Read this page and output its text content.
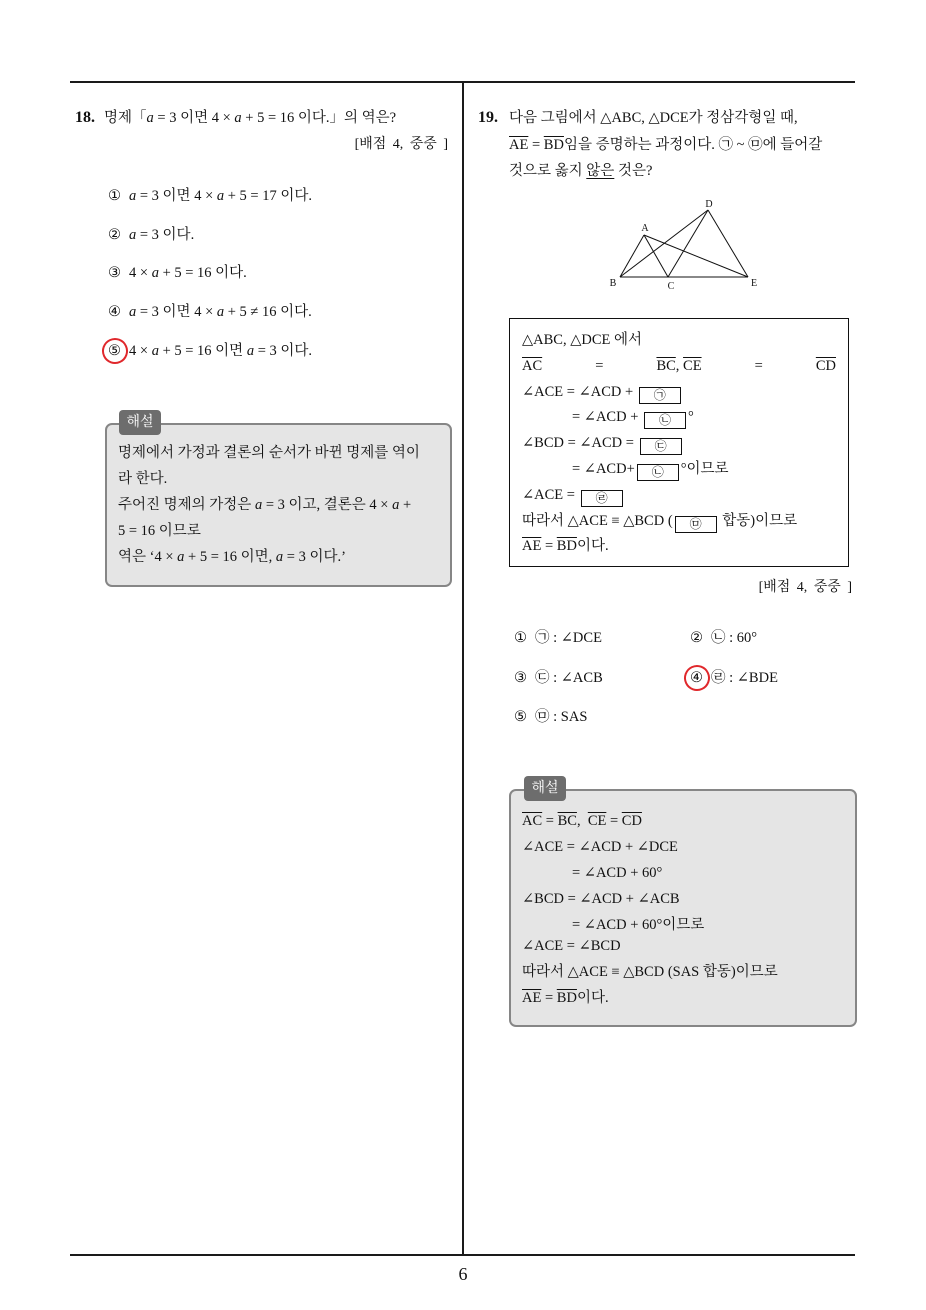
18. 명제「a = 3 이면 4 × a + 5 = 16 이다.」의 역은?
[배점 4, 중중 ]
① a = 3 이면 4 × a + 5 = 17 이다.
② a = 3 이다.
③ 4 × a + 5 = 16 이다.
④ a = 3 이면 4 × a + 5 ≠ 16 이다.
⑤ 4 × a + 5 = 16 이면 a = 3 이다.
해설
명제에서 가정과 결론의 순서가 바뀐 명제를 역이
라 한다.
주어진 명제의 가정은 a = 3 이고, 결론은 4 × a +
5 = 16 이므로
역은 ‘4 × a + 5 = 16 이면, a = 3 이다.’
19. 다음 그림에서 △ABC, △DCE가 정삼각형일 때,
$\overline{AE} = \overline{BD}$임을 증명하는 과정이다. ㉠ ~ ㉤에 들어갈
것으로 옳지 않은 것은?
A
B	C
D
E
△ABC, △DCE 에서
$\overline{AC}$	=	$\overline{BC}$, $\overline{CE}$	=	$\overline{CD}$
∠ACE = ∠ACD + ㉠
= ∠ACD + ㉡ °
∠BCD = ∠ACD = ㉢
= ∠ACD+ ㉡ °이므로
∠ACE = ㉣
따라서 △ACE ≡ △BCD ( ㉤ 합동)이므로
$\overline{AE} = \overline{BD}$이다.
[배점 4, 중중 ]
① ㉠ : ∠DCE	② ㉡ : 60°
③ ㉢ : ∠ACB	④ ㉣ : ∠BDE
⑤ ㉤ : SAS
해설
$\overline{AC} = \overline{BC}$,  $\overline{CE} = \overline{CD}$
∠ACE = ∠ACD + ∠DCE
= ∠ACD + 60°
∠BCD = ∠ACD + ∠ACB
= ∠ACD + 60°이므로
∠ACE = ∠BCD
따라서 △ACE ≡ △BCD (SAS 합동)이므로
$\overline{AE} = \overline{BD}$이다.
6
